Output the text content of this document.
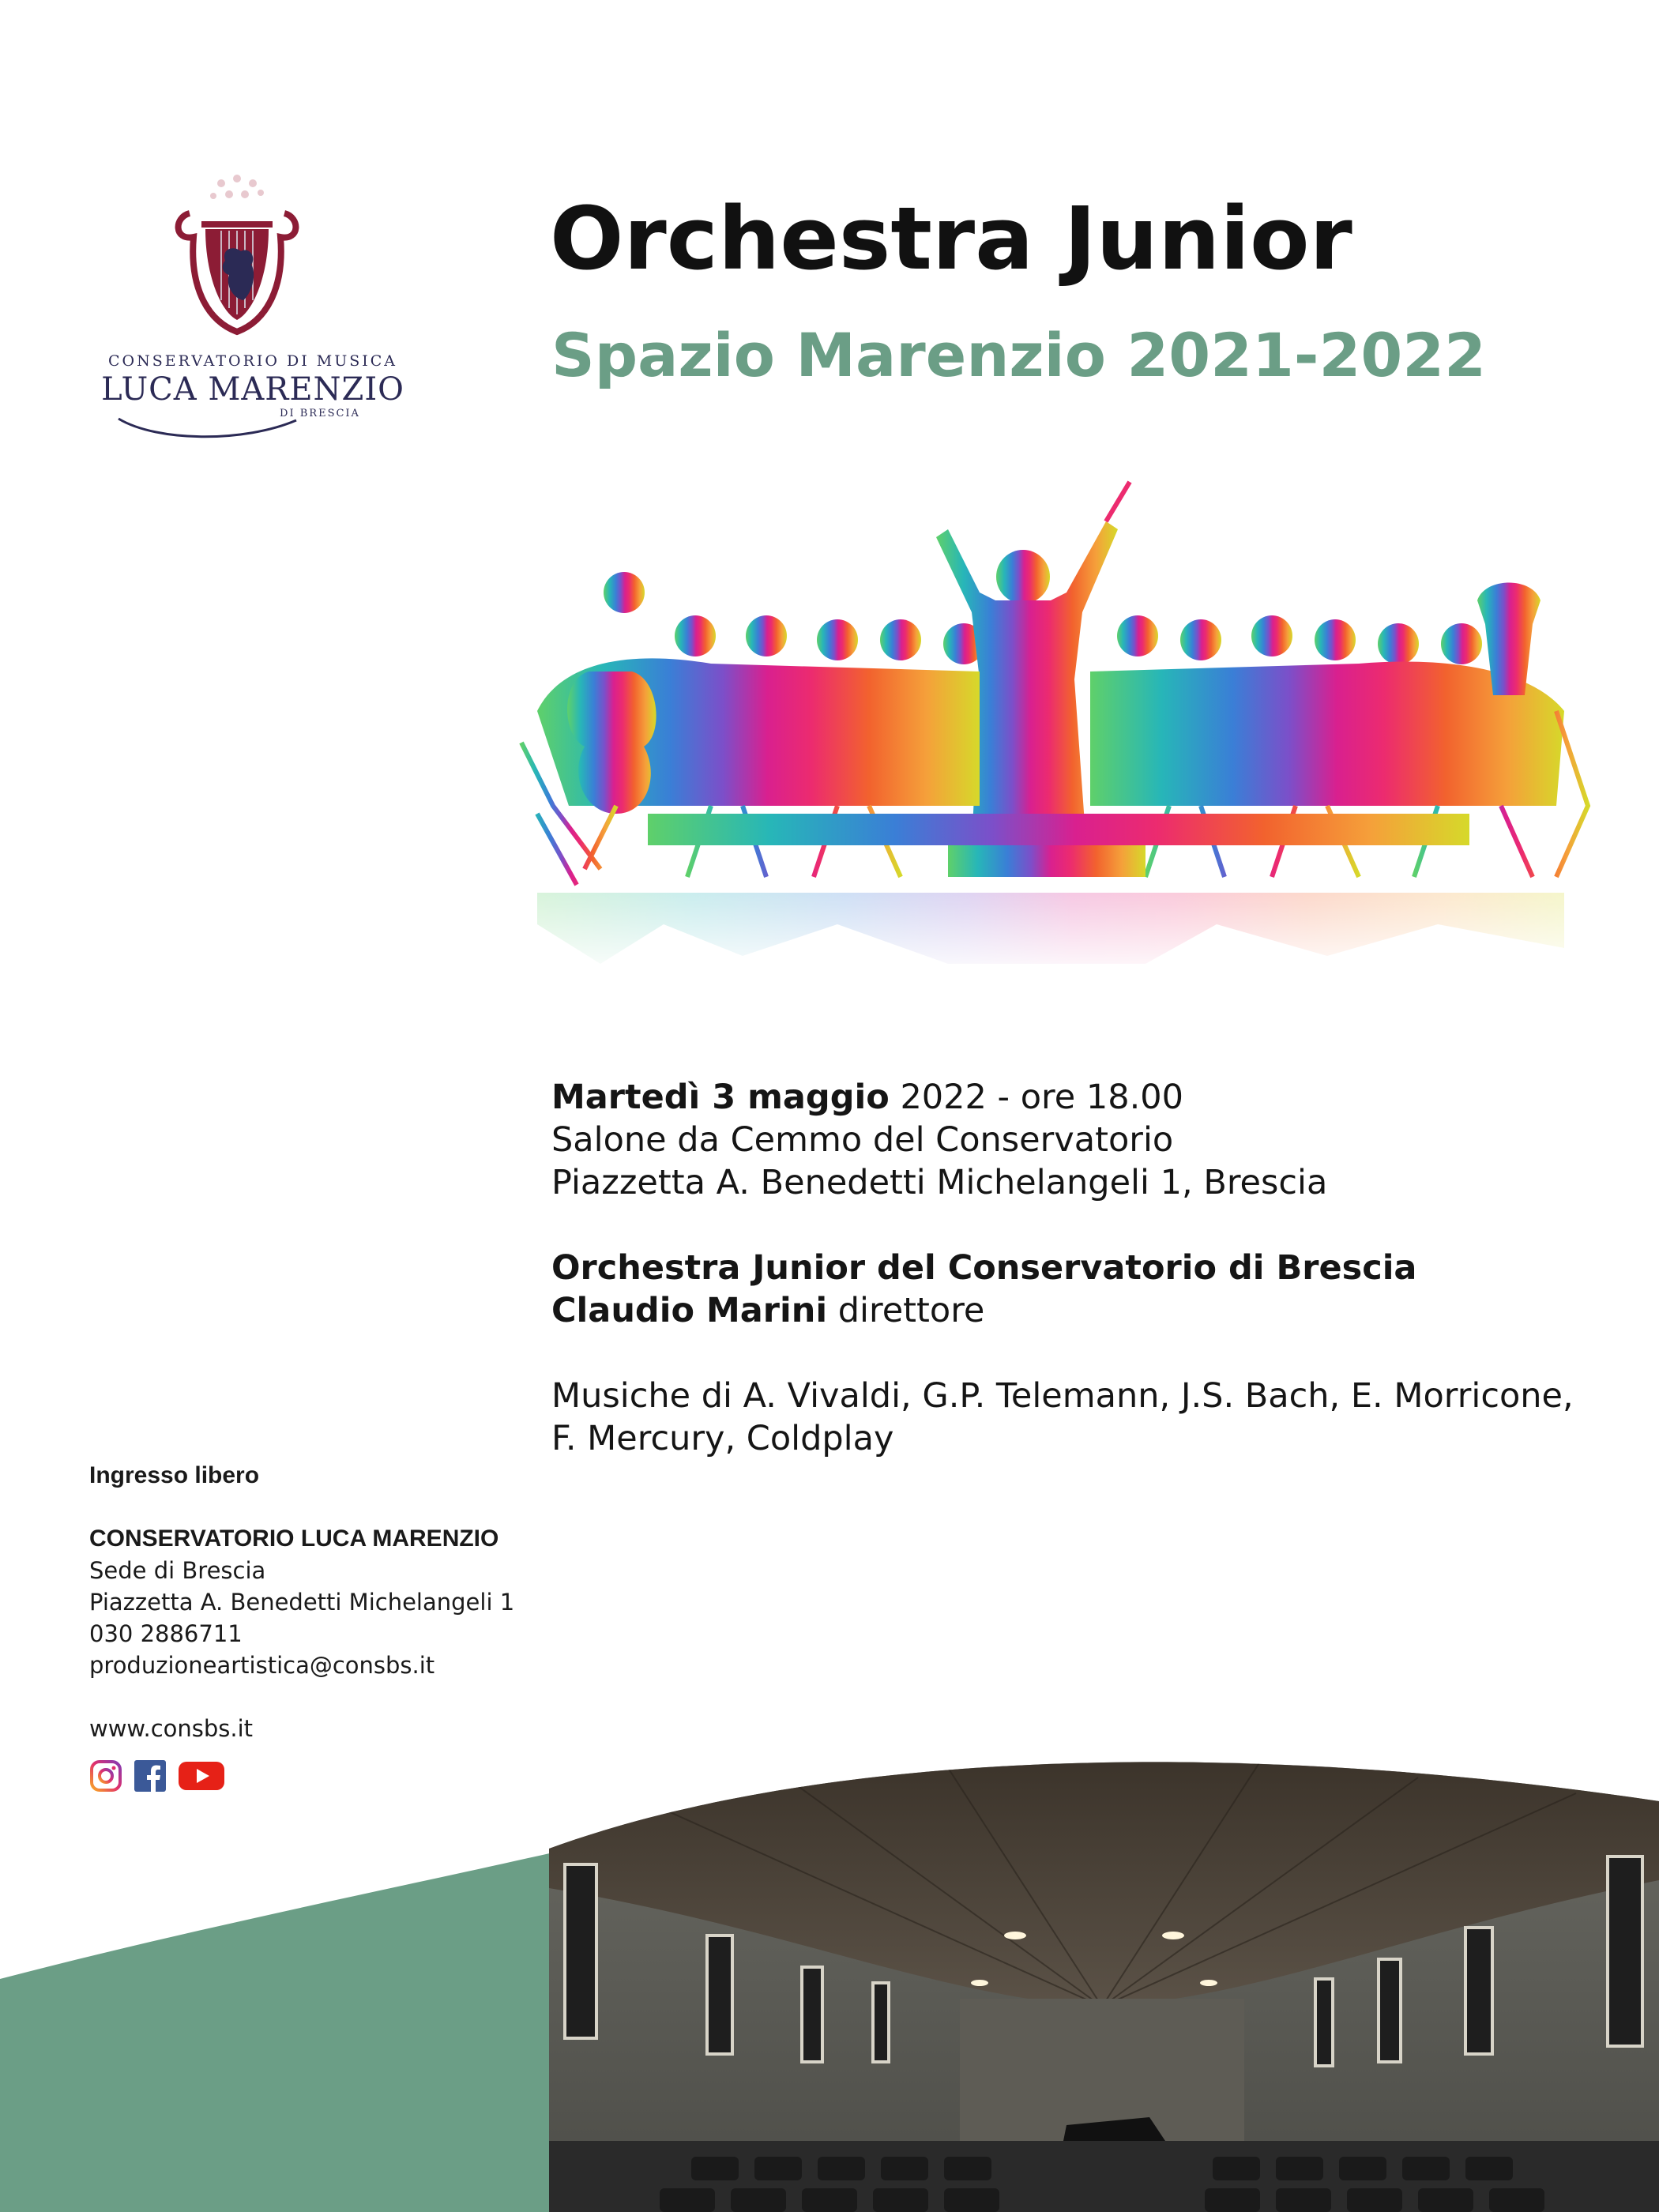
CONSERVATORIO DI MUSICA
LUCA MARENZIO
DI BRESCIA
Orchestra Junior
Spazio Marenzio 2021-2022
Martedì 3 maggio 2022 - ore 18.00
Salone da Cemmo del Conservatorio
Piazzetta A. Benedetti Michelangeli 1, Brescia
Orchestra Junior del Conservatorio di Brescia
Claudio Marini direttore
Musiche di A. Vivaldi, G.P. Telemann, J.S. Bach, E. Morricone,
F. Mercury, Coldplay
Ingresso libero
CONSERVATORIO LUCA MARENZIO
Sede di Brescia
Piazzetta A. Benedetti Michelangeli 1
030 2886711
produzioneartistica@consbs.it
www.consbs.it
